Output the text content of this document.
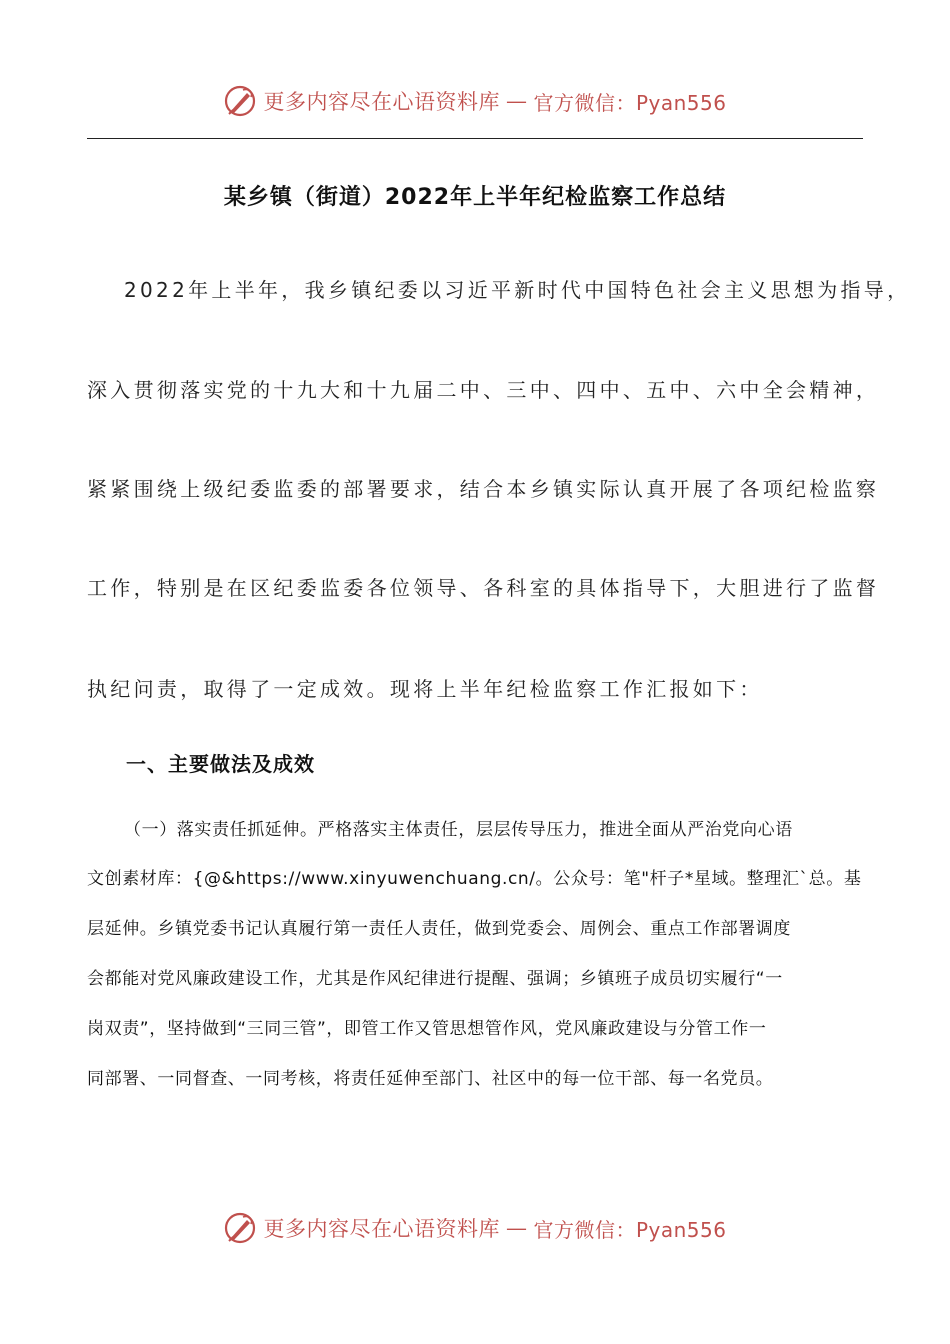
更多内容尽在心语资料库 — 官方微信：Pyan556
某乡镇（街道）2022年上半年纪检监察工作总结
2022年上半年，我乡镇纪委以习近平新时代中国特色社会主义思想为指导，
深入贯彻落实党的十九大和十九届二中、三中、四中、五中、六中全会精神，
紧紧围绕上级纪委监委的部署要求，结合本乡镇实际认真开展了各项纪检监察
工作，特别是在区纪委监委各位领导、各科室的具体指导下，大胆进行了监督
执纪问责，取得了一定成效。现将上半年纪检监察工作汇报如下：
一、主要做法及成效
（一）落实责任抓延伸。严格落实主体责任，层层传导压力，推进全面从严治党向心语
文创素材库：{@&https://www.xinyuwenchuang.cn/。公众号：笔"杆子*星域。整理汇`总。基
层延伸。乡镇党委书记认真履行第一责任人责任，做到党委会、周例会、重点工作部署调度
会都能对党风廉政建设工作，尤其是作风纪律进行提醒、强调；乡镇班子成员切实履行“一
岗双责”，坚持做到“三同三管”，即管工作又管思想管作风，党风廉政建设与分管工作一
同部署、一同督查、一同考核，将责任延伸至部门、社区中的每一位干部、每一名党员。
更多内容尽在心语资料库 — 官方微信：Pyan556
